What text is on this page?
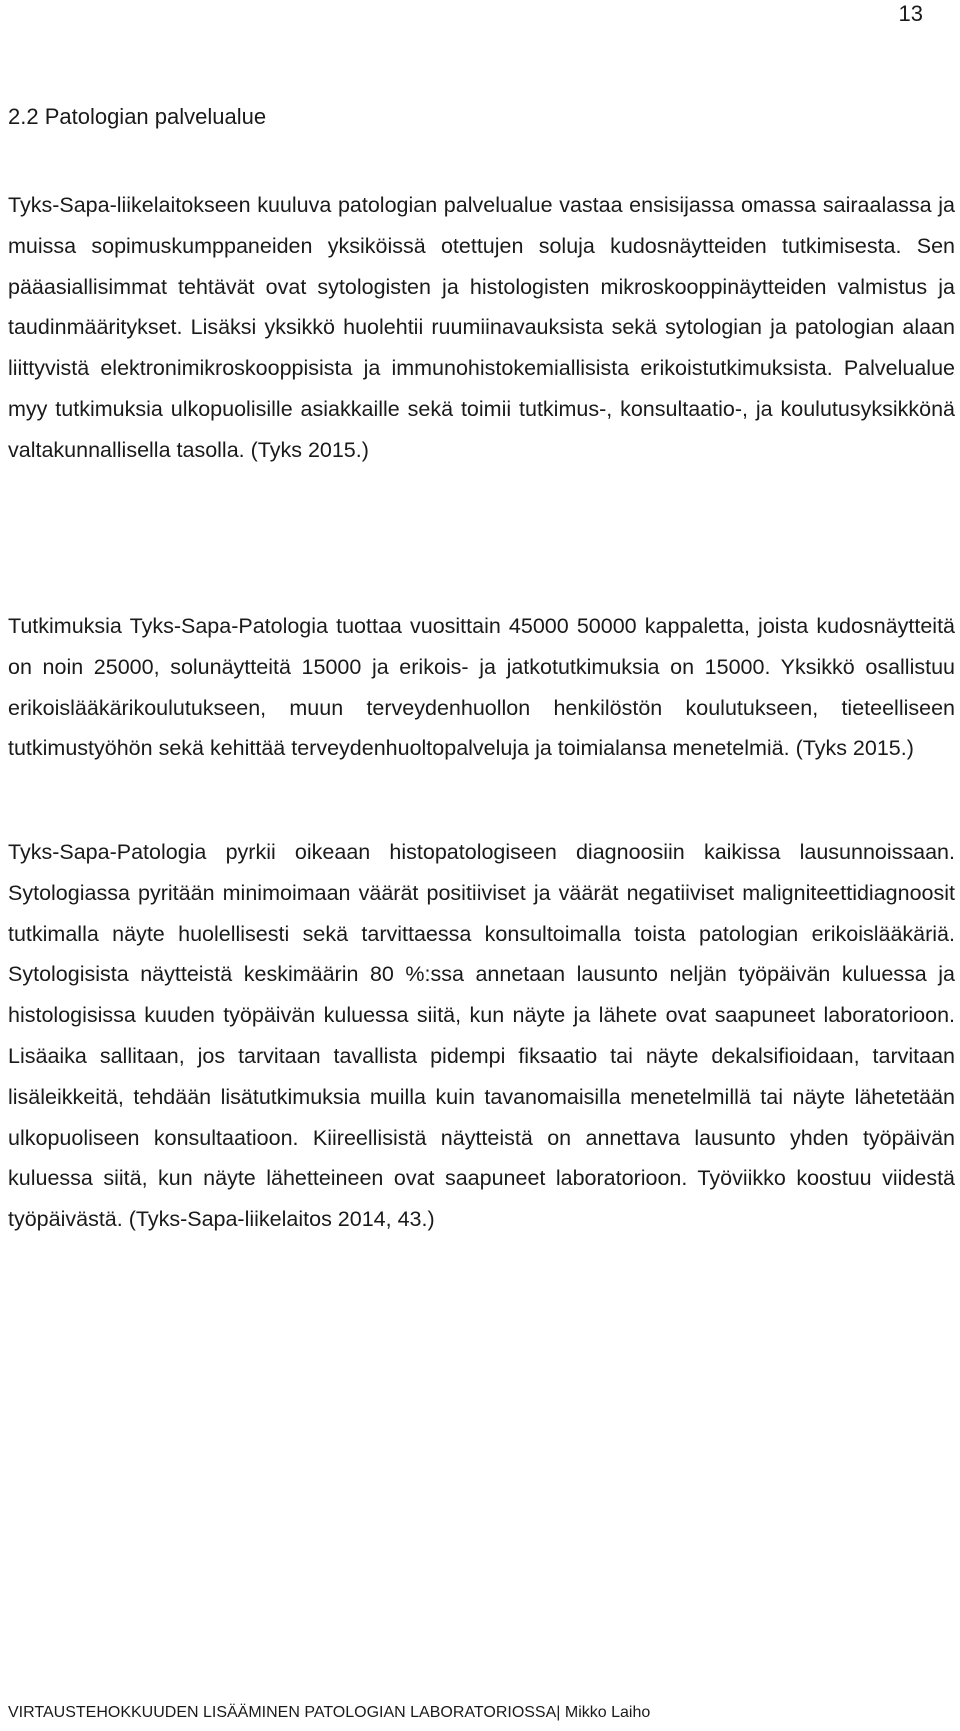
13
2.2 Patologian palvelualue

Tyks-Sapa-liikelaitokseen kuuluva patologian palvelualue vastaa ensisijassa omassa sairaalassa ja muissa sopimuskumppaneiden yksiköissä otettujen soluja kudosnäytteiden tutkimisesta. Sen pääasiallisimmat tehtävät ovat sytologisten ja histologisten mikroskooppinäytteiden valmistus ja taudinmääritykset. Lisäksi yksikkö huolehtii ruumiinavauksista sekä sytologian ja patologian alaan liittyvistä elektronimikroskooppisista ja immunohistokemiallisista erikoistutkimuksista. Palvelualue myy tutkimuksia ulkopuolisille asiakkaille sekä toimii tutkimus-, konsultaatio-, ja koulutusyksikkönä valtakunnallisella tasolla. (Tyks 2015.)

Tutkimuksia Tyks-Sapa-Patologia tuottaa vuosittain 45000 50000 kappaletta, joista kudosnäytteitä on noin 25000, solunäytteitä 15000 ja erikois- ja jatkotutkimuksia on 15000. Yksikkö osallistuu erikoislääkärikoulutukseen, muun terveydenhuollon henkilöstön koulutukseen, tieteelliseen tutkimustyöhön sekä kehittää terveydenhuoltopalveluja ja toimialansa menetelmiä. (Tyks 2015.)

Tyks-Sapa-Patologia pyrkii oikeaan histopatologiseen diagnoosiin kaikissa lausunnoissaan. Sytologiassa pyritään minimoimaan väärät positiiviset ja väärät negatiiviset maligniteettidiagnoosit tutkimalla näyte huolellisesti sekä tarvittaessa konsultoimalla toista patologian erikoislääkäriä. Sytologisista näytteistä keskimäärin 80 %:ssa annetaan lausunto neljän työpäivän kuluessa ja histologisissa kuuden työpäivän kuluessa siitä, kun näyte ja lähete ovat saapuneet laboratorioon. Lisäaika sallitaan, jos tarvitaan tavallista pidempi fiksaatio tai näyte dekalsifioidaan, tarvitaan lisäleikkeitä, tehdään lisätutkimuksia muilla kuin tavanomaisilla menetelmillä tai näyte lähetetään ulkopuoliseen konsultaatioon. Kiireellisistä näytteistä on annettava lausunto yhden työpäivän kuluessa siitä, kun näyte lähetteineen ovat saapuneet laboratorioon. Työviikko koostuu viidestä työpäivästä. (Tyks-Sapa-liikelaitos 2014, 43.)

VIRTAUSTEHOKKUUDEN LISÄÄMINEN PATOLOGIAN LABORATORIOSSA| Mikko Laiho
